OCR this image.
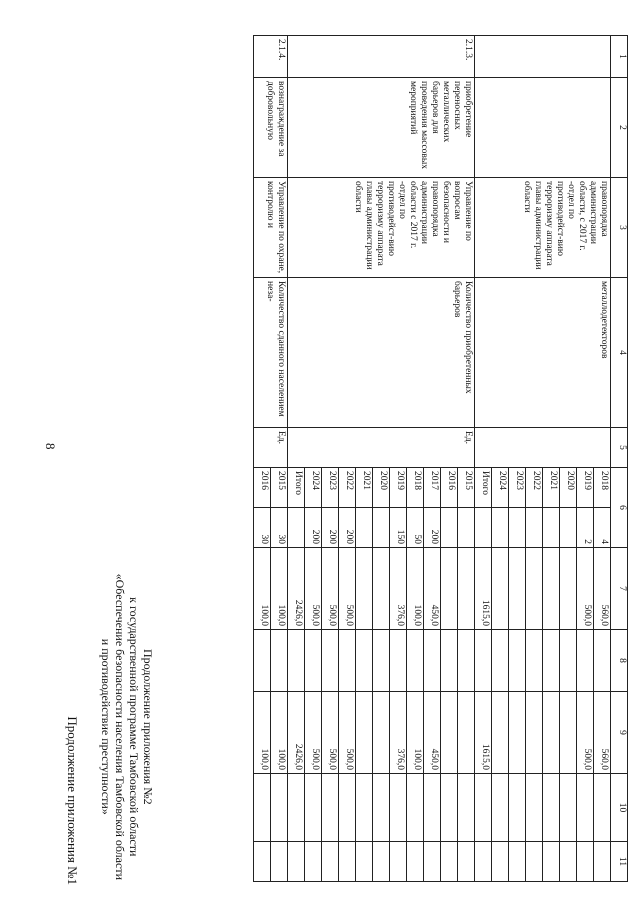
8
Продолжение приложения №1	Продолжение приложения №2
к государственной программе Тамбовской области
«Обеспечение безопасности населения Тамбовской области
и противодействие преступности»
1	2	3	4	5	6		7	8	9	10	11
		правопорядка администрации области, с 2017 г. -отдел по противодейст-вию терроризму аппарата главы администрации области	металлодетекторов		2018	4	560,0		560,0		
					2019	2	500,0		500,0		
					2020						
					2021						
					2022						
					2023						
					2024						
					Итого		1615,0		1615,0		
2.1.3.	приобретение переносных металлических барьеров для проведения массовых мероприятий	Управление по вопросам безопасности и правопорядка администрации области с 2017 г. -отдел по противодейст-вию терроризму аппарата главы администрации области	Количество приобретенных барьеров	Ед.	2015						
					2016						
					2017	200	450,0		450,0		
					2018	50	100,0		100,0		
					2019	150	376,0		376,0		
					2020						
					2021						
					2022	200	500,0		500,0		
					2023	200	500,0		500,0		
					2024	200	500,0		500,0		
					Итого		2426,0		2426,0		
2.1.4.	вознаграждение за добровольную	Управление по охране, контролю и	Количество сданного населением неза-	Ед.	2015	30	100,0		100,0		
					2016	30	100,0		100,0		
